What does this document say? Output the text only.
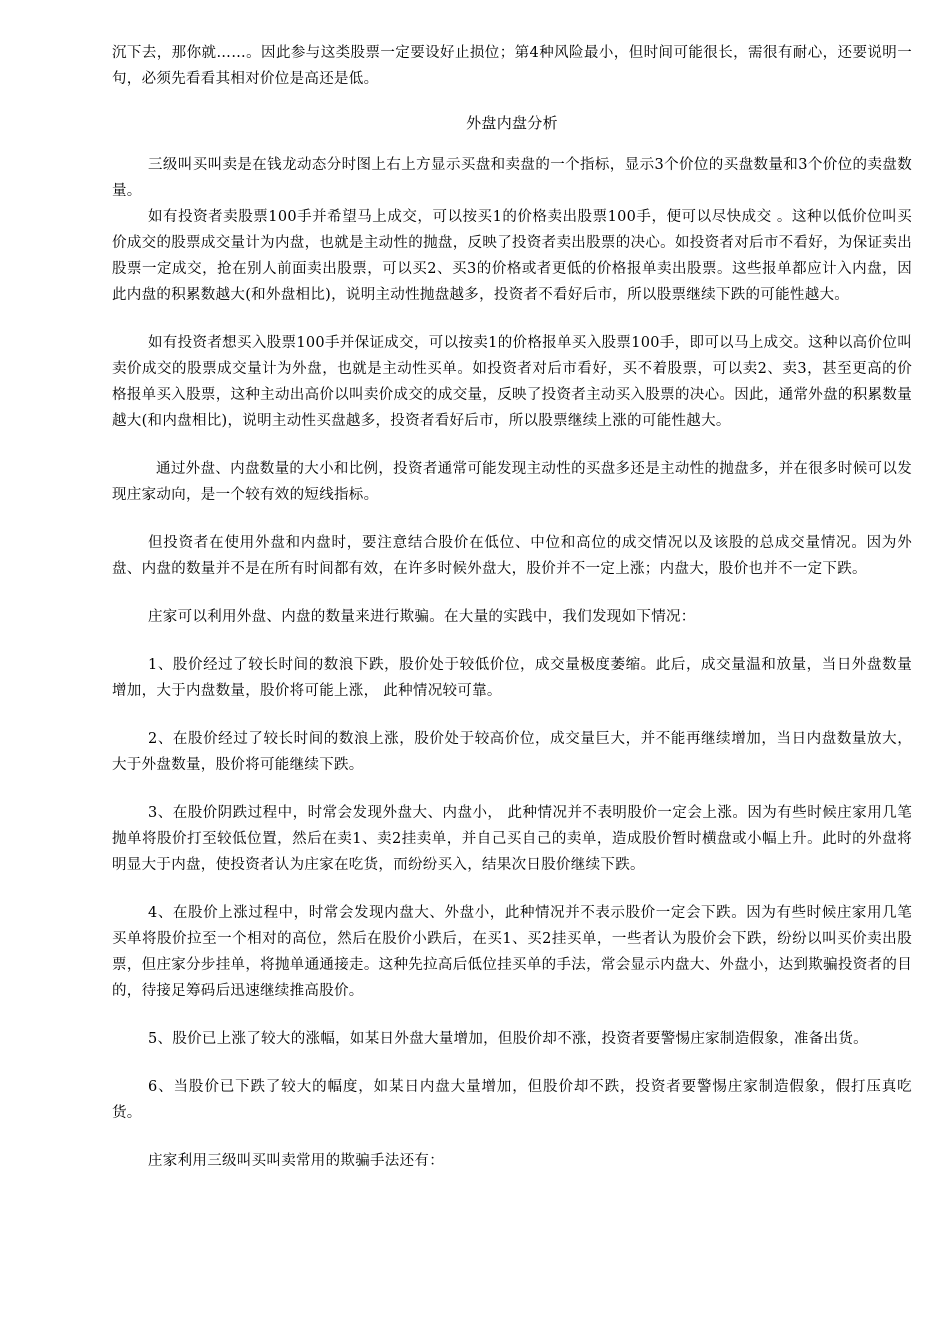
沉下去，那你就……。因此参与这类股票一定要设好止损位；第4种风险最小，但时间可能很长，需很有耐心，还要说明一句，必须先看看其相对价位是高还是低。

外盘内盘分析

三级叫买叫卖是在钱龙动态分时图上右上方显示买盘和卖盘的一个指标，显示3个价位的买盘数量和3个价位的卖盘数量。

如有投资者卖股票100手并希望马上成交，可以按买1的价格卖出股票100手，便可以尽快成交 。这种以低价位叫买价成交的股票成交量计为内盘，也就是主动性的抛盘，反映了投资者卖出股票的决心。如投资者对后市不看好，为保证卖出股票一定成交，抢在别人前面卖出股票，可以买2、买3的价格或者更低的价格报单卖出股票。这些报单都应计入内盘，因此内盘的积累数越大(和外盘相比)，说明主动性抛盘越多，投资者不看好后市，所以股票继续下跌的可能性越大。

如有投资者想买入股票100手并保证成交，可以按卖1的价格报单买入股票100手，即可以马上成交。这种以高价位叫卖价成交的股票成交量计为外盘，也就是主动性买单。如投资者对后市看好，买不着股票，可以卖2、卖3，甚至更高的价格报单买入股票，这种主动出高价以叫卖价成交的成交量，反映了投资者主动买入股票的决心。因此，通常外盘的积累数量越大(和内盘相比)，说明主动性买盘越多，投资者看好后市，所以股票继续上涨的可能性越大。

通过外盘、内盘数量的大小和比例，投资者通常可能发现主动性的买盘多还是主动性的抛盘多，并在很多时候可以发现庄家动向，是一个较有效的短线指标。

但投资者在使用外盘和内盘时，要注意结合股价在低位、中位和高位的成交情况以及该股的总成交量情况。因为外盘、内盘的数量并不是在所有时间都有效，在许多时候外盘大，股价并不一定上涨；内盘大，股价也并不一定下跌。

庄家可以利用外盘、内盘的数量来进行欺骗。在大量的实践中，我们发现如下情况：

1、股价经过了较长时间的数浪下跌，股价处于较低价位，成交量极度萎缩。此后，成交量温和放量，当日外盘数量增加，大于内盘数量，股价将可能上涨， 此种情况较可靠。

2、在股价经过了较长时间的数浪上涨，股价处于较高价位，成交量巨大，并不能再继续增加，当日内盘数量放大，大于外盘数量，股价将可能继续下跌。

3、在股价阴跌过程中，时常会发现外盘大、内盘小， 此种情况并不表明股价一定会上涨。因为有些时候庄家用几笔抛单将股价打至较低位置，然后在卖1、卖2挂卖单，并自己买自己的卖单，造成股价暂时横盘或小幅上升。此时的外盘将明显大于内盘，使投资者认为庄家在吃货，而纷纷买入，结果次日股价继续下跌。

4、在股价上涨过程中，时常会发现内盘大、外盘小，此种情况并不表示股价一定会下跌。因为有些时候庄家用几笔买单将股价拉至一个相对的高位，然后在股价小跌后，在买1、买2挂买单，一些者认为股价会下跌，纷纷以叫买价卖出股票，但庄家分步挂单，将抛单通通接走。这种先拉高后低位挂买单的手法，常会显示内盘大、外盘小，达到欺骗投资者的目的，待接足筹码后迅速继续推高股价。

5、股价已上涨了较大的涨幅，如某日外盘大量增加，但股价却不涨，投资者要警惕庄家制造假象，准备出货。

6、当股价已下跌了较大的幅度，如某日内盘大量增加，但股价却不跌，投资者要警惕庄家制造假象，假打压真吃货。

庄家利用三级叫买叫卖常用的欺骗手法还有：
